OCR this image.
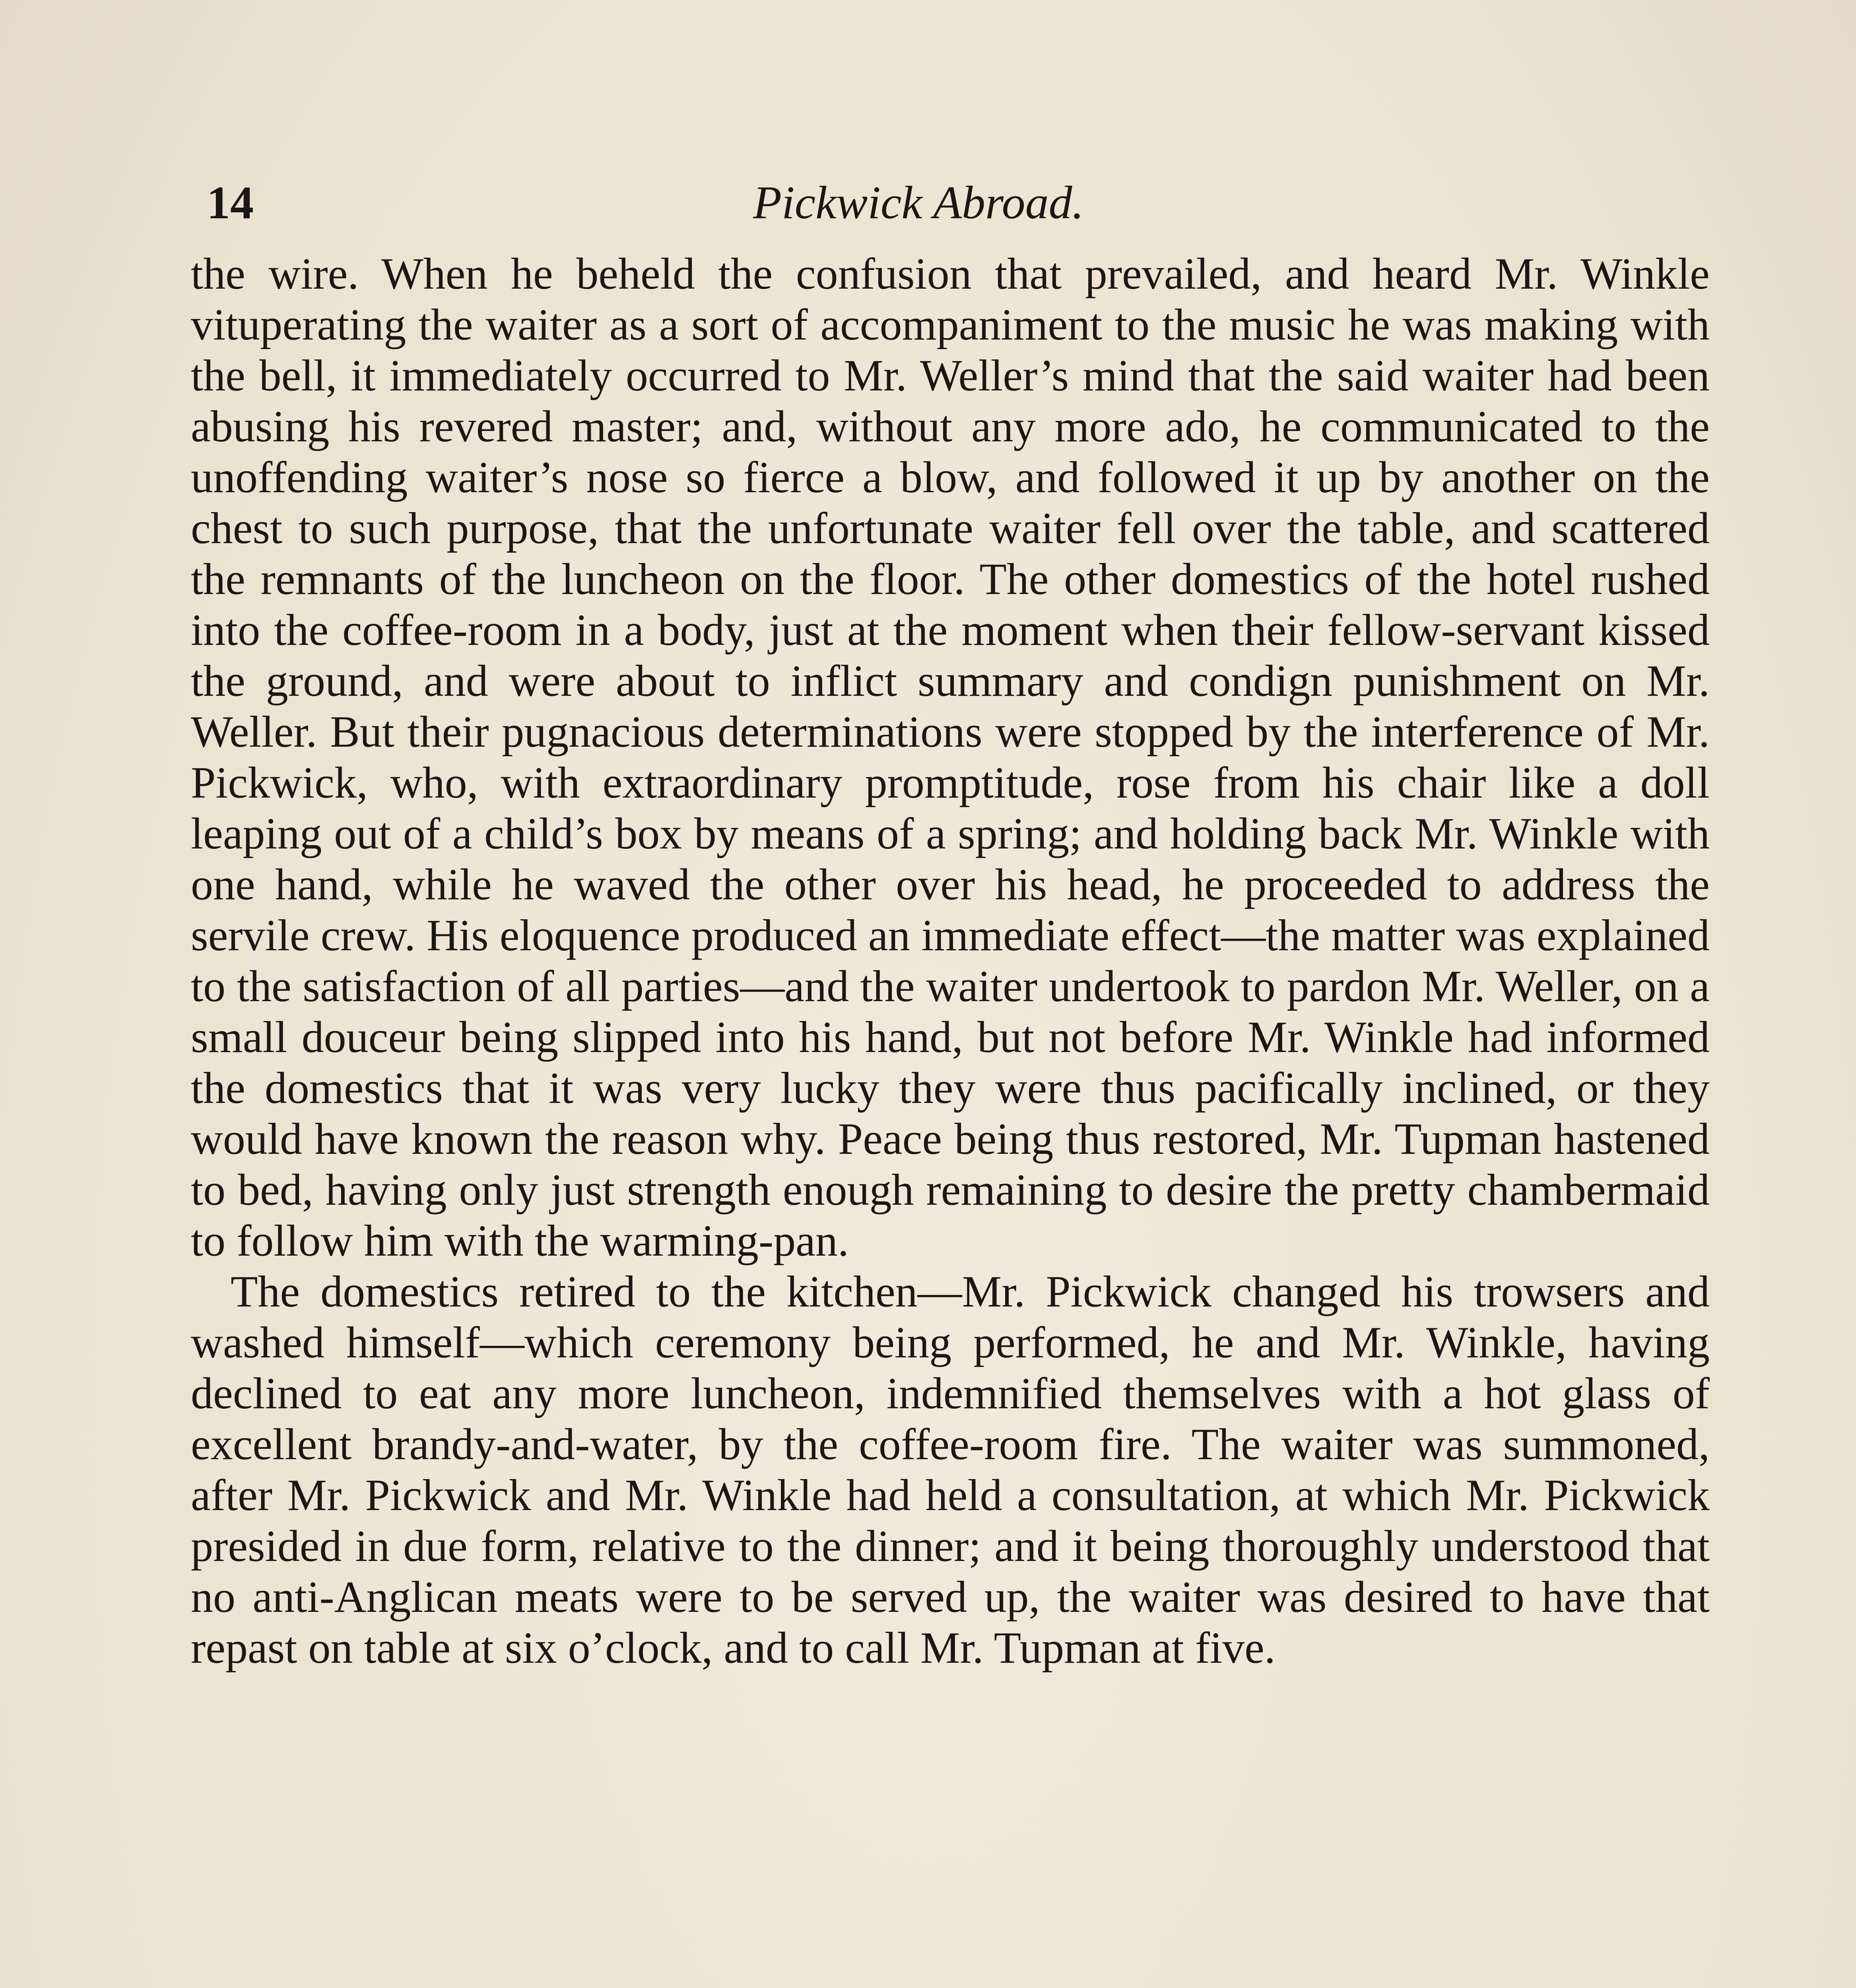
14	Pickwick Abroad.

the wire. When he beheld the confusion that prevailed, and heard Mr. Winkle vituperating the waiter as a sort of accompaniment to the music he was making with the bell, it immediately occurred to Mr. Weller’s mind that the said waiter had been abusing his revered master; and, without any more ado, he communicated to the unoffending waiter’s nose so fierce a blow, and followed it up by another on the chest to such purpose, that the unfortunate waiter fell over the table, and scattered the remnants of the luncheon on the floor. The other domestics of the hotel rushed into the coffee-room in a body, just at the moment when their fellow-servant kissed the ground, and were about to inflict summary and condign punishment on Mr. Weller. But their pugnacious determinations were stopped by the interference of Mr. Pickwick, who, with extraordinary promptitude, rose from his chair like a doll leaping out of a child’s box by means of a spring; and holding back Mr. Winkle with one hand, while he waved the other over his head, he proceeded to address the servile crew. His eloquence produced an immediate effect—the matter was explained to the satisfaction of all parties—and the waiter undertook to pardon Mr. Weller, on a small douceur being slipped into his hand, but not before Mr. Winkle had informed the domestics that it was very lucky they were thus pacifically inclined, or they would have known the reason why. Peace being thus restored, Mr. Tupman hastened to bed, having only just strength enough remaining to desire the pretty chambermaid to follow him with the warming-pan.

The domestics retired to the kitchen—Mr. Pickwick changed his trowsers and washed himself—which ceremony being performed, he and Mr. Winkle, having declined to eat any more luncheon, indemnified themselves with a hot glass of excellent brandy-and-water, by the coffee-room fire. The waiter was summoned, after Mr. Pickwick and Mr. Winkle had held a consultation, at which Mr. Pickwick presided in due form, relative to the dinner; and it being thoroughly understood that no anti-Anglican meats were to be served up, the waiter was desired to have that repast on table at six o’clock, and to call Mr. Tupman at five.
